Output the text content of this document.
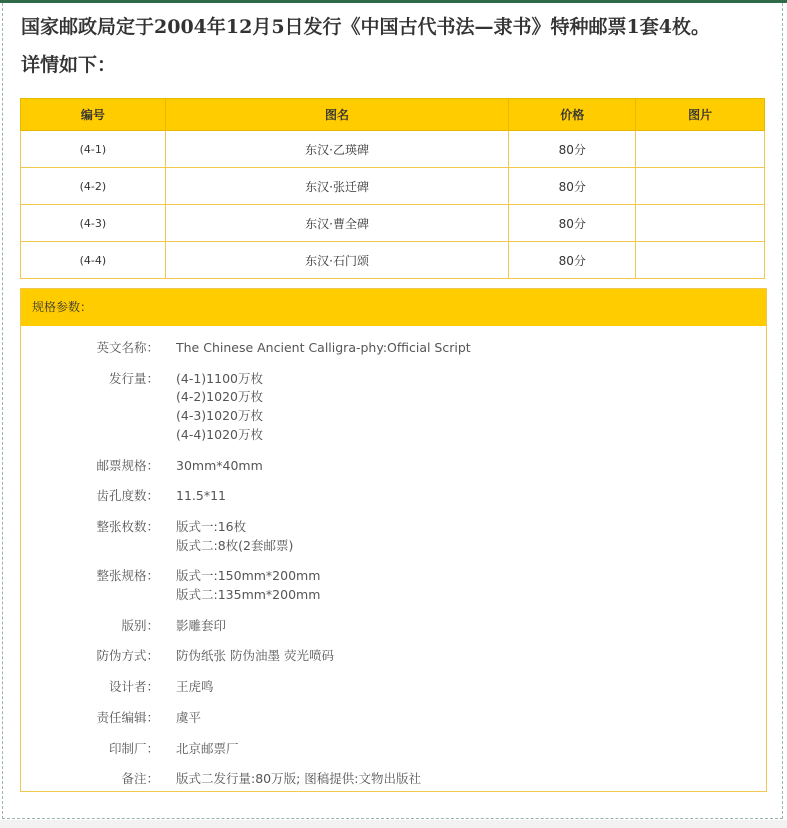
国家邮政局定于2004年12月5日发行《中国古代书法—隶书》特种邮票1套4枚。

详情如下：

编号	图名	价格	图片
(4-1)	东汉·乙瑛碑	80分	
(4-2)	东汉·张迁碑	80分	
(4-3)	东汉·曹全碑	80分	
(4-4)	东汉·石门颂	80分	
规格参数：
英文名称： The Chinese Ancient Calligra-phy:Official Script
发行量： (4-1)1100万枚
(4-2)1020万枚
(4-3)1020万枚
(4-4)1020万枚
邮票规格： 30mm*40mm
齿孔度数： 11.5*11
整张枚数： 版式一:16枚
版式二:8枚(2套邮票)
整张规格： 版式一:150mm*200mm
版式二:135mm*200mm
版别： 影雕套印
防伪方式： 防伪纸张 防伪油墨 荧光喷码
设计者： 王虎鸣
责任编辑： 虞平
印制厂： 北京邮票厂
备注： 版式二发行量:80万版; 图稿提供:文物出版社
